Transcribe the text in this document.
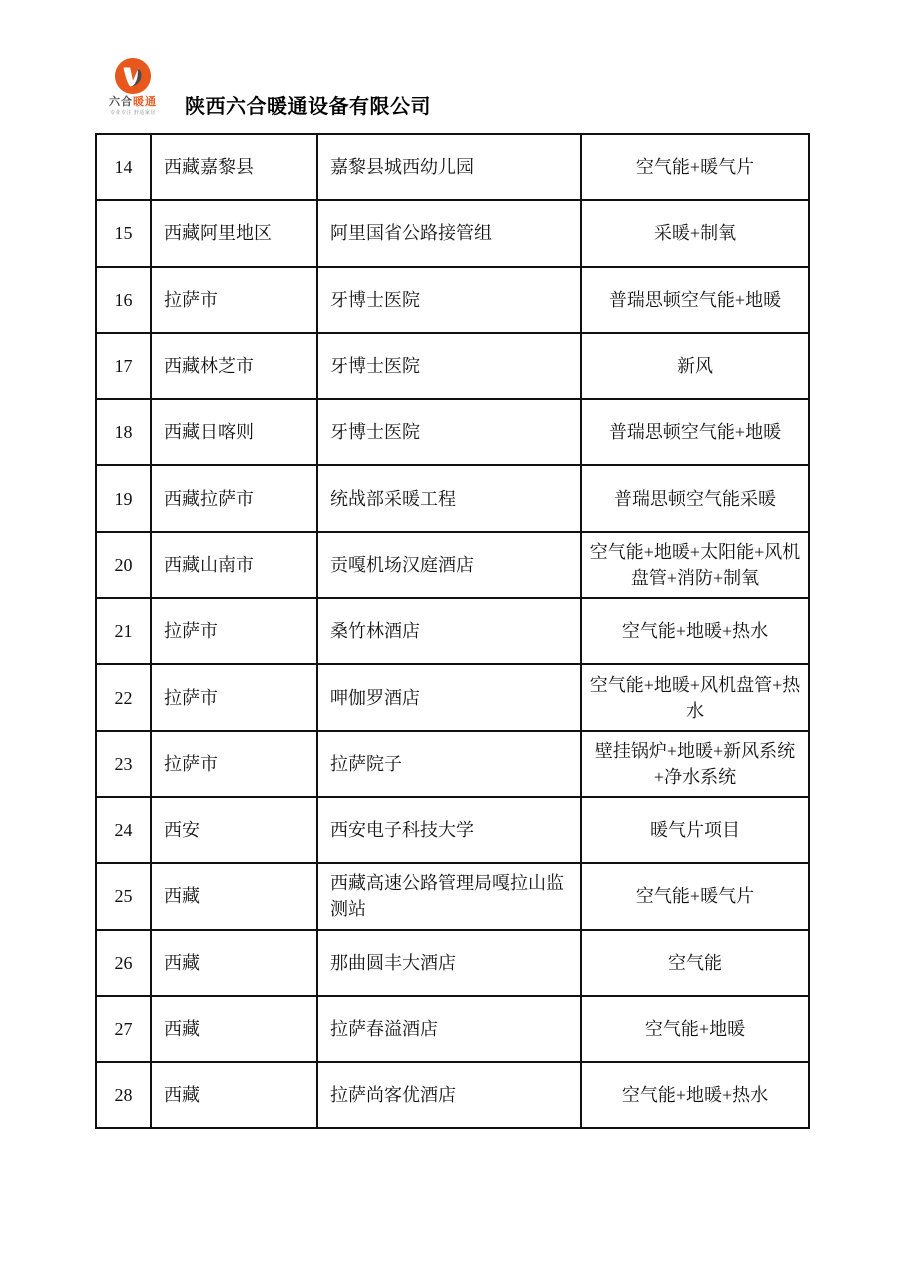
六合暖通
专业专注 舒适家居	陕西六合暖通设备有限公司
14	西藏嘉黎县	嘉黎县城西幼儿园	空气能+暖气片
15	西藏阿里地区	阿里国省公路接管组	采暖+制氧
16	拉萨市	牙博士医院	普瑞思顿空气能+地暖
17	西藏林芝市	牙博士医院	新风
18	西藏日喀则	牙博士医院	普瑞思顿空气能+地暖
19	西藏拉萨市	统战部采暖工程	普瑞思顿空气能采暖
20	西藏山南市	贡嘎机场汉庭酒店	空气能+地暖+太阳能+风机盘管+消防+制氧
21	拉萨市	桑竹林酒店	空气能+地暖+热水
22	拉萨市	呷伽罗酒店	空气能+地暖+风机盘管+热水
23	拉萨市	拉萨院子	壁挂锅炉+地暖+新风系统+净水系统
24	西安	西安电子科技大学	暖气片项目
25	西藏	西藏高速公路管理局嘎拉山监测站	空气能+暖气片
26	西藏	那曲圆丰大酒店	空气能
27	西藏	拉萨春溢酒店	空气能+地暖
28	西藏	拉萨尚客优酒店	空气能+地暖+热水
